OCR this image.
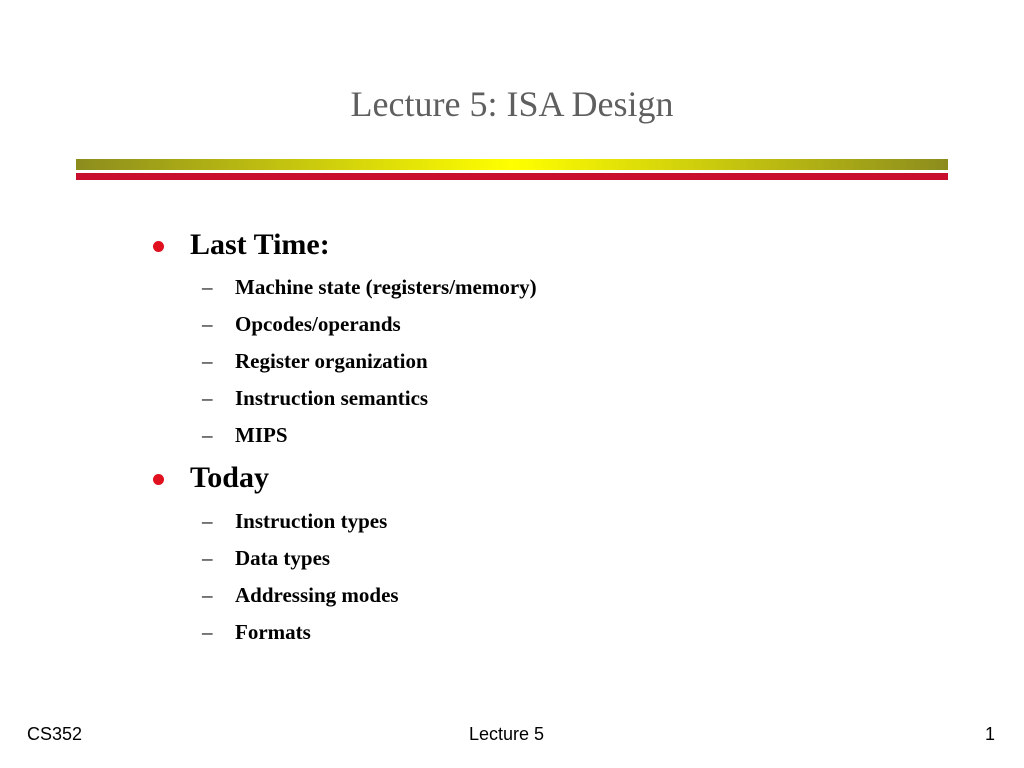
Lecture 5: ISA Design
Last Time:
– Machine state (registers/memory)
– Opcodes/operands
– Register organization
– Instruction semantics
– MIPS
Today
– Instruction types
– Data types
– Addressing modes
– Formats
CS352	Lecture 5	1
